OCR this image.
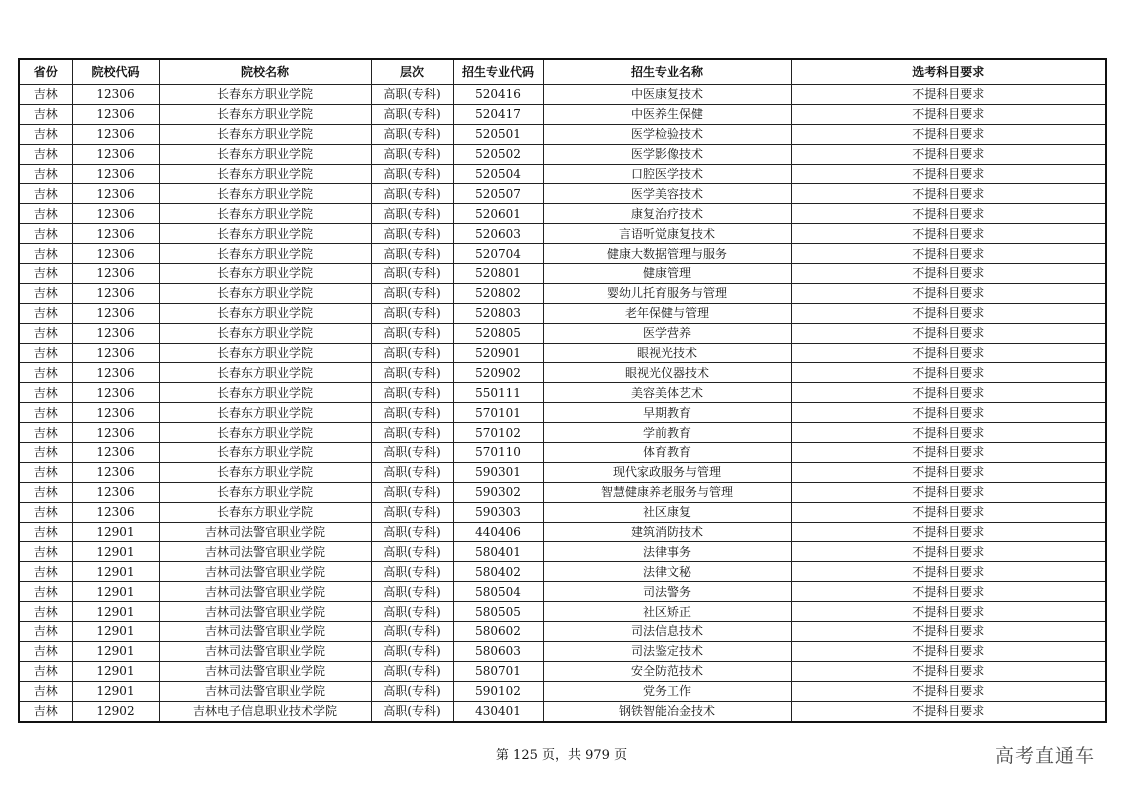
省份	院校代码	院校名称	层次	招生专业代码	招生专业名称	选考科目要求
吉林	12306	长春东方职业学院	高职(专科)	520416	中医康复技术	不提科目要求
吉林	12306	长春东方职业学院	高职(专科)	520417	中医养生保健	不提科目要求
吉林	12306	长春东方职业学院	高职(专科)	520501	医学检验技术	不提科目要求
吉林	12306	长春东方职业学院	高职(专科)	520502	医学影像技术	不提科目要求
吉林	12306	长春东方职业学院	高职(专科)	520504	口腔医学技术	不提科目要求
吉林	12306	长春东方职业学院	高职(专科)	520507	医学美容技术	不提科目要求
吉林	12306	长春东方职业学院	高职(专科)	520601	康复治疗技术	不提科目要求
吉林	12306	长春东方职业学院	高职(专科)	520603	言语听觉康复技术	不提科目要求
吉林	12306	长春东方职业学院	高职(专科)	520704	健康大数据管理与服务	不提科目要求
吉林	12306	长春东方职业学院	高职(专科)	520801	健康管理	不提科目要求
吉林	12306	长春东方职业学院	高职(专科)	520802	婴幼儿托育服务与管理	不提科目要求
吉林	12306	长春东方职业学院	高职(专科)	520803	老年保健与管理	不提科目要求
吉林	12306	长春东方职业学院	高职(专科)	520805	医学营养	不提科目要求
吉林	12306	长春东方职业学院	高职(专科)	520901	眼视光技术	不提科目要求
吉林	12306	长春东方职业学院	高职(专科)	520902	眼视光仪器技术	不提科目要求
吉林	12306	长春东方职业学院	高职(专科)	550111	美容美体艺术	不提科目要求
吉林	12306	长春东方职业学院	高职(专科)	570101	早期教育	不提科目要求
吉林	12306	长春东方职业学院	高职(专科)	570102	学前教育	不提科目要求
吉林	12306	长春东方职业学院	高职(专科)	570110	体育教育	不提科目要求
吉林	12306	长春东方职业学院	高职(专科)	590301	现代家政服务与管理	不提科目要求
吉林	12306	长春东方职业学院	高职(专科)	590302	智慧健康养老服务与管理	不提科目要求
吉林	12306	长春东方职业学院	高职(专科)	590303	社区康复	不提科目要求
吉林	12901	吉林司法警官职业学院	高职(专科)	440406	建筑消防技术	不提科目要求
吉林	12901	吉林司法警官职业学院	高职(专科)	580401	法律事务	不提科目要求
吉林	12901	吉林司法警官职业学院	高职(专科)	580402	法律文秘	不提科目要求
吉林	12901	吉林司法警官职业学院	高职(专科)	580504	司法警务	不提科目要求
吉林	12901	吉林司法警官职业学院	高职(专科)	580505	社区矫正	不提科目要求
吉林	12901	吉林司法警官职业学院	高职(专科)	580602	司法信息技术	不提科目要求
吉林	12901	吉林司法警官职业学院	高职(专科)	580603	司法鉴定技术	不提科目要求
吉林	12901	吉林司法警官职业学院	高职(专科)	580701	安全防范技术	不提科目要求
吉林	12901	吉林司法警官职业学院	高职(专科)	590102	党务工作	不提科目要求
吉林	12902	吉林电子信息职业技术学院	高职(专科)	430401	钢铁智能冶金技术	不提科目要求
第 125 页，共 979 页	高考直通车
